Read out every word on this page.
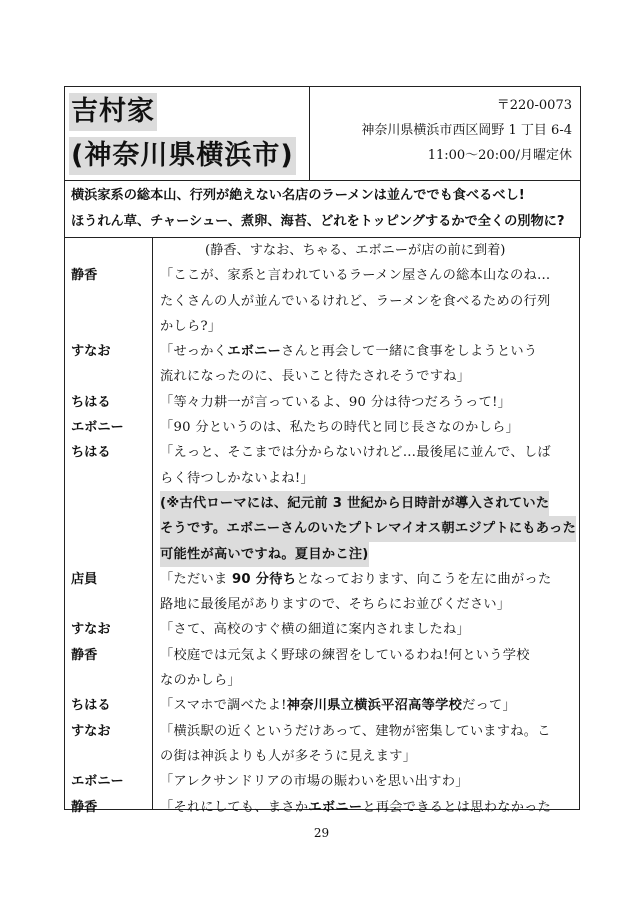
吉村家
(神奈川県横浜市)

〒220-0073
神奈川県横浜市西区岡野 1 丁目 6-4
11:00〜20:00/月曜定休

横浜家系の総本山、行列が絶えない名店のラーメンは並んででも食べるべし!
ほうれん草、チャーシュー、煮卵、海苔、どれをトッピングするかで全くの別物に?
(静香、すなお、ちゃる、エボニーが店の前に到着)
静香	「ここが、家系と言われているラーメン屋さんの総本山なのね…
たくさんの人が並んでいるけれど、ラーメンを食べるための行列
かしら?」
すなお	「せっかくエボニーさんと再会して一緒に食事をしようという
流れになったのに、長いこと待たされそうですね」
ちはる	「等々力耕一が言っているよ、90 分は待つだろうって!」
エボニー	「90 分というのは、私たちの時代と同じ長さなのかしら」
ちはる	「えっと、そこまでは分からないけれど…最後尾に並んで、しば
らく待つしかないよね!」
(※古代ローマには、紀元前 3 世紀から日時計が導入されていた
そうです。エボニーさんのいたプトレマイオス朝エジプトにもあった
可能性が高いですね。夏目かこ注)
店員	「ただいま 90 分待ちとなっております、向こうを左に曲がった
路地に最後尾がありますので、そちらにお並びください」
すなお	「さて、高校のすぐ横の細道に案内されましたね」
静香	「校庭では元気よく野球の練習をしているわね!何という学校
なのかしら」
ちはる	「スマホで調べたよ!神奈川県立横浜平沼高等学校だって」
すなお	「横浜駅の近くというだけあって、建物が密集していますね。こ
の街は神浜よりも人が多そうに見えます」
エボニー	「アレクサンドリアの市場の賑わいを思い出すわ」
静香	「それにしても、まさかエボニーと再会できるとは思わなかった
29
